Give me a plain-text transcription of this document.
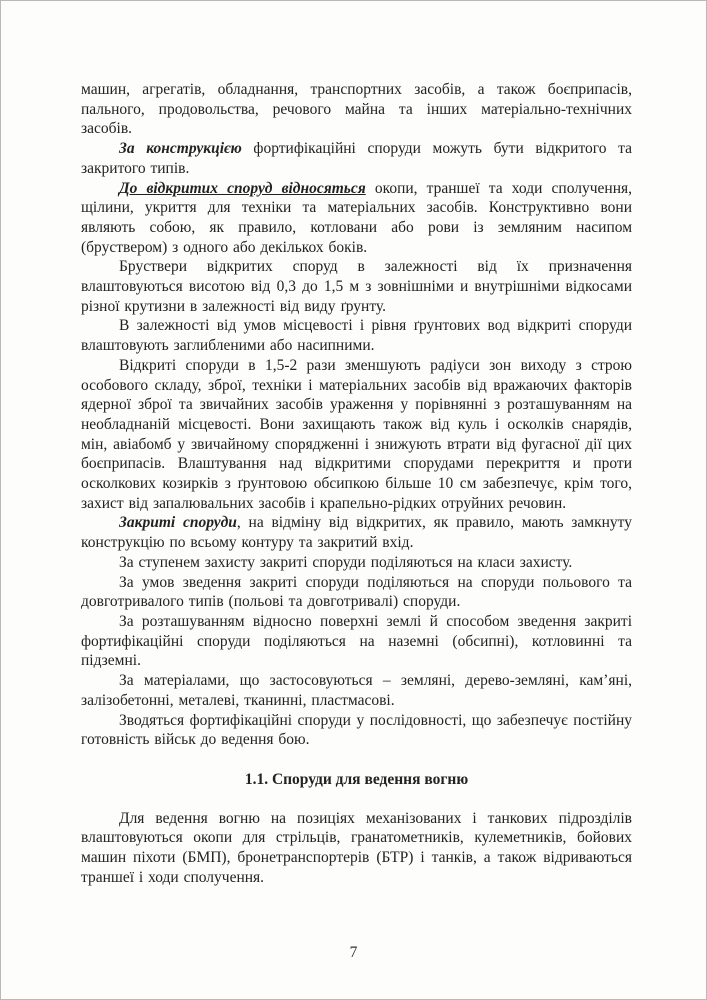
машин, агрегатів, обладнання, транспортних засобів, а також боєприпасів, пального, продовольства, речового майна та інших матеріально-технічних засобів.

За конструкцією фортифікаційні споруди можуть бути відкритого та закритого типів.

До відкритих споруд відносяться окопи, траншеї та ходи сполучення, щілини, укриття для техніки та матеріальних засобів. Конструктивно вони являють собою, як правило, котловани або рови із земляним насипом (бруствером) з одного або декількох боків.

Бруствери відкритих споруд в залежності від їх призначення влаштовуються висотою від 0,3 до 1,5 м з зовнішніми и внутрішніми відкосами різної крутизни в залежності від виду ґрунту.

В залежності від умов місцевості і рівня ґрунтових вод відкриті споруди влаштовують заглибленими або насипними.

Відкриті споруди в 1,5-2 рази зменшують радіуси зон виходу з строю особового складу, зброї, техніки і матеріальних засобів від вражаючих факторів ядерної зброї та звичайних засобів ураження у порівнянні з розташуванням на необладнаній місцевості. Вони захищають також від куль і осколків снарядів, мін, авіабомб у звичайному спорядженні і знижують втрати від фугасної дії цих боєприпасів. Влаштування над відкритими спорудами перекриття и проти осколкових козирків з ґрунтовою обсипкою більше 10 см забезпечує, крім того, захист від запалювальних засобів і крапельно-рідких отруйних речовин.

Закриті споруди, на відміну від відкритих, як правило, мають замкнуту конструкцію по всьому контуру та закритий вхід.

За ступенем захисту закриті споруди поділяються на класи захисту.

За умов зведення закриті споруди поділяються на споруди польового та довготривалого типів (польові та довготривалі) споруди.

За розташуванням відносно поверхні землі й способом зведення закриті фортифікаційні споруди поділяються на наземні (обсипні), котловинні та підземні.

За матеріалами, що застосовуються – земляні, дерево-земляні, кам’яні, залізобетонні, металеві, тканинні, пластмасові.

Зводяться фортифікаційні споруди у послідовності, що забезпечує постійну готовність військ до ведення бою.

1.1. Споруди для ведення вогню

Для ведення вогню на позиціях механізованих і танкових підрозділів влаштовуються окопи для стрільців, гранатометників, кулеметників, бойових машин піхоти (БМП), бронетранспортерів (БТР) і танків, а також відриваються траншеї і ходи сполучення.

7
